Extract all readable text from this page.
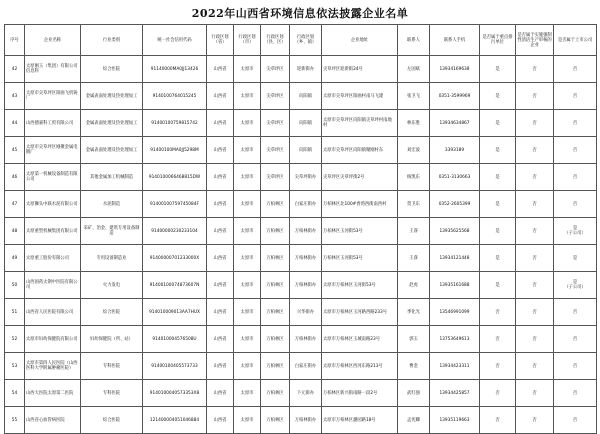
2022年山西省环境信息依法披露企业名单
序号	企业名称	行业类别	统一社会信用代码	行政区划（省）	行政区划（市）	行政区划（县、区）	行政区划（乡、镇）	企业地址	联系人	联系人手机	是否属于重点排污单位	是否属于实施强制性清洁生产审核的企业	是否属于上市公司
42	太原刚玉（集团）有限公司信息科	综合医院	91140000MA0JJ13426	山西省	太原市	尖草坪区	迎新街办	尖草坪区迎新街24号	左国斌	13934169638	是	否	否
43	太原市尖草坪区阳曲飞机铸厂	金属表面处理及热处理加工	9140100764015245	山西省	太原市	尖草坪区	向阳镇	太原市尖草坪区阳曲村南马飞建	张卫飞	0351-3599969	是	否	否
44	山西德嘉科工贸有限公司	金属表面处理及热处理加工	91400100759815742	山西省	太原市	尖草坪区	向阳镇	太原市尖草坪区向阳镇尖草坪村南地村	林东胜	13934634867	是	否	否
45	太原市尖草坪区刚聚金属电镀厂	金属表面处理及热处理加工	91400100MA0JJ5298M	山西省	太原市	尖草坪区	向阳镇	太原市尖草坪区向阳镇聚刚村东	刘宏波	3393189	是	否	否
46	太原第一机械设备制造有限公司	其他金属加工机械制造	9140100066468815DW	山西省	太原市	尖草坪区	尖草坪街办	尖草坪区尖草坪街2号	杨凯东	0351-3130663	是	否	否
47	太原狮头中联水泥有限公司	水泥制造	91400100759745084F	山西省	太原市	万柏林区	白家庄街办	万柏林区北100#香湾西街南西村	贺卫东	0352-2605399	是	否	否
48	太原重型机械集团有限公司	采矿、冶金、建筑专用设备制造	91400000230233104	山西省	太原市	万柏林区	万柏林街办	万柏林区玉河街53号	王睿	13935625568	是	否	是
（子公司）
49	太原重工股份有限公司	专用设备制造业	91400000701233000X	山西省	太原市	万柏林区	万柏林街办	万柏林区玉河街53号	王睿	13934121448	是	否	是
50	山西国药太钢中医院有限公司	火力发电	91400100074873607N	山西省	太原市	万柏林区	万柏林街办	太原市万柏林区玉河街53号	赵虎	13935161688	是	否	是
（子公司）
51	山西省人民医院有限公司	综合医院	914010009013AA7HUX	山西省	太原市	万柏林区	兴华街办	太原市万柏林区玉河路西路233号	季化光	13546991099	否	否	否
52	太原市妇幼保健院有限公司	妇幼保健院（所、站）	914010004576508U	山西省	太原市	万柏林区	万柏林街办	太原市万柏林区玉城南路23号	郭玉	13753649613	否	否	否
53	太原市第四人民医院（山西医科大学附属肿瘤医院）	专科医院	91400100405573733	山西省	太原市	万柏林区	白家庄街办	太原市万柏林区西河东路213号	曹金	13934423311	否	否	否
54	山西大医院太原第二医院	专科医院	9140100040573353X8	山西省	太原市	万柏林区	下元街办	万柏林区新兴街南路一段2号	武红强	13934425857	否	否	否
55	山西省心血管病医院	综合医院	121400004051046884	山西省	太原市	万柏林区	万柏林街办	太原市万柏林区潞园路18号	孟宪卿	13935119663	否	否	否
